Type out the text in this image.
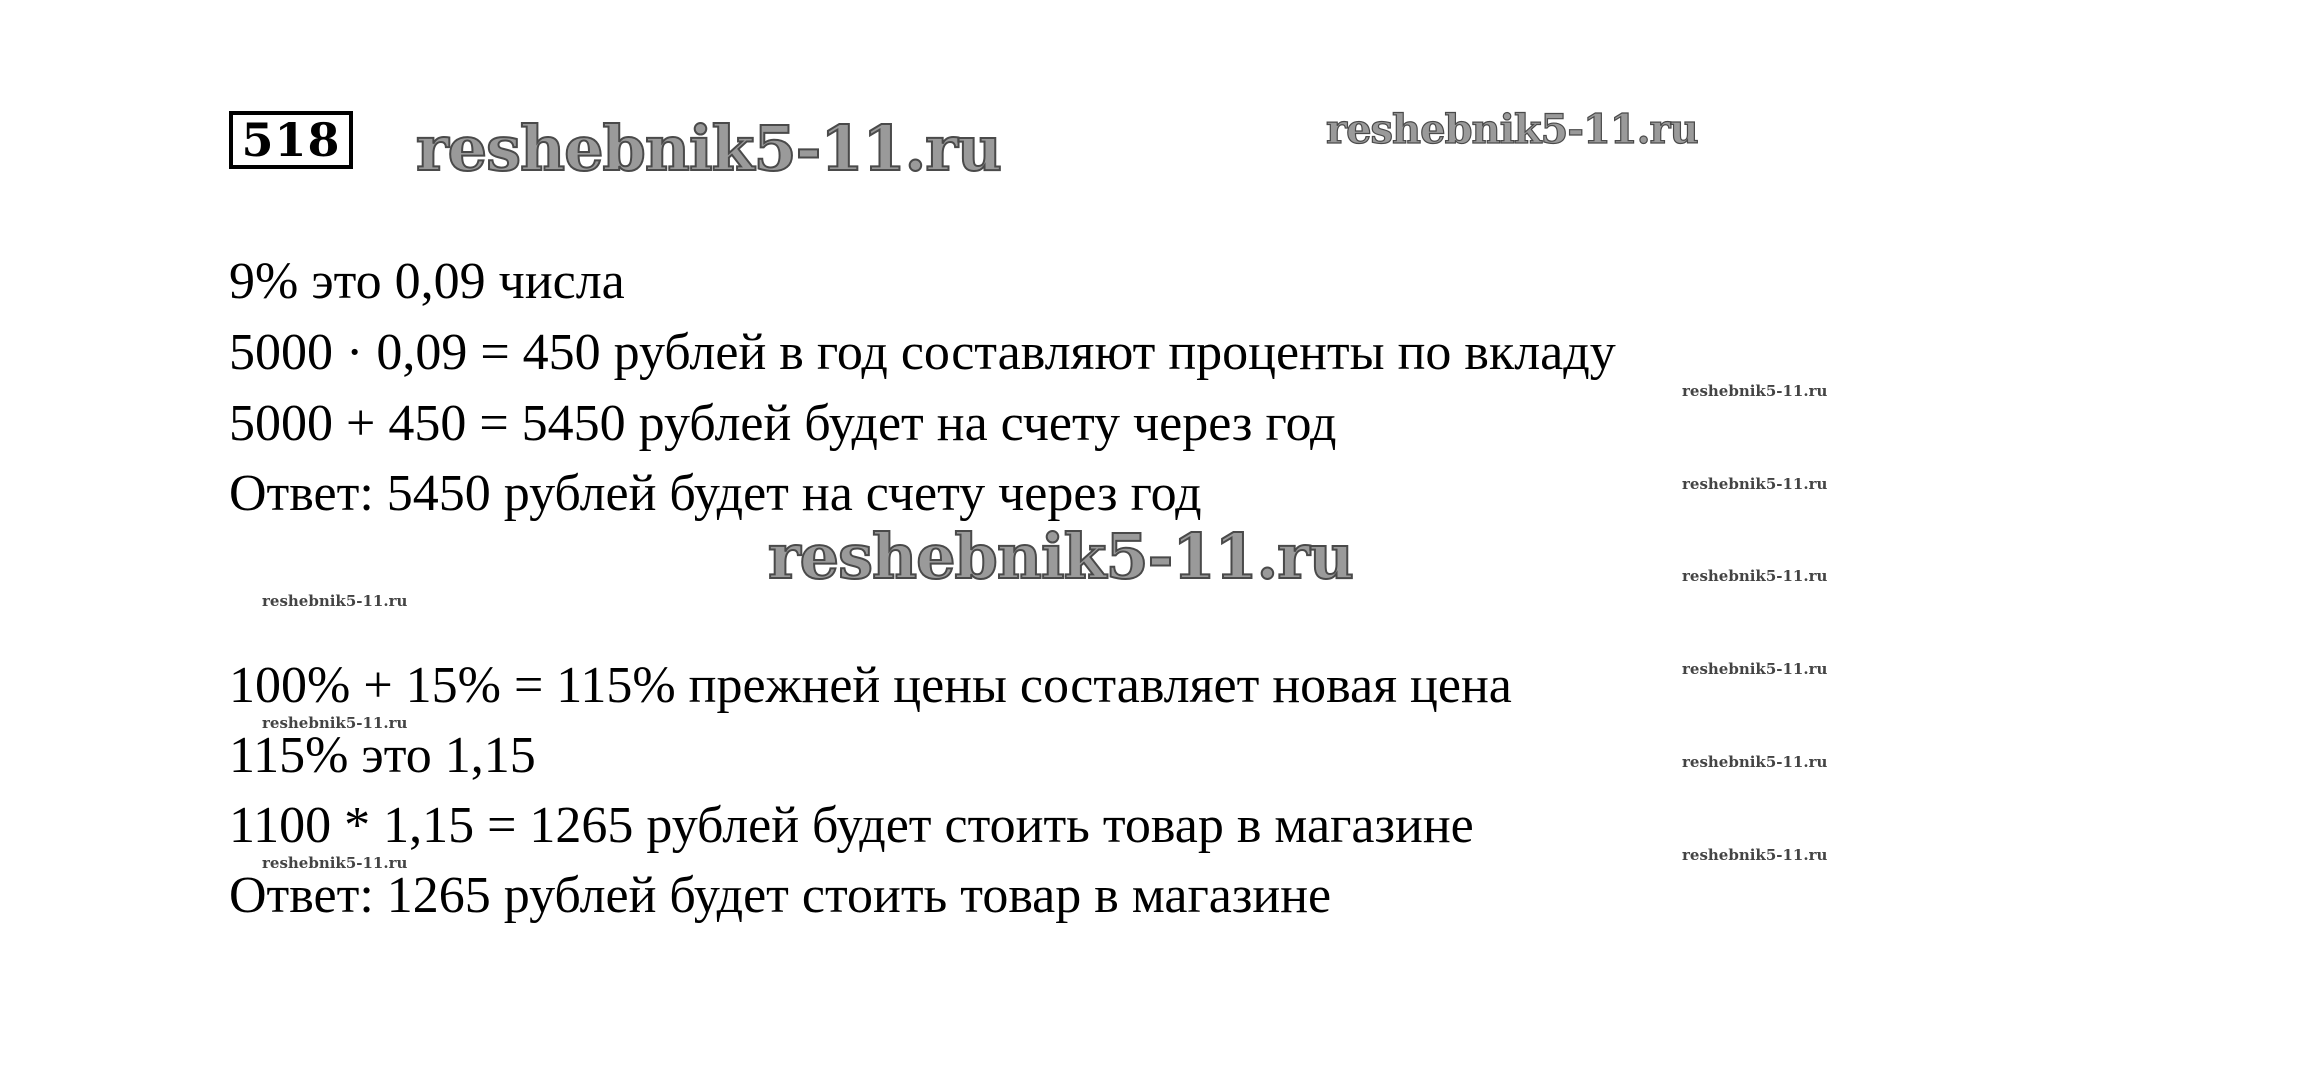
518 reshebnik5-11.ru	reshebnik5-11.ru
9% это 0,09 числа
5000 · 0,09 = 450 рублей в год составляют проценты по вкладу
5000 + 450 = 5450 рублей будет на счету через год
Ответ: 5450 рублей будет на счету через год
reshebnik5-11.ru
100% + 15% = 115% прежней цены составляет новая цена
115% это 1,15
1100 * 1,15 = 1265 рублей будет стоить товар в магазине
Ответ: 1265 рублей будет стоить товар в магазине
reshebnik5-11.ru
reshebnik5-11.ru
reshebnik5-11.ru
reshebnik5-11.ru
reshebnik5-11.ru
reshebnik5-11.ru
reshebnik5-11.ru
reshebnik5-11.ru
reshebnik5-11.ru
